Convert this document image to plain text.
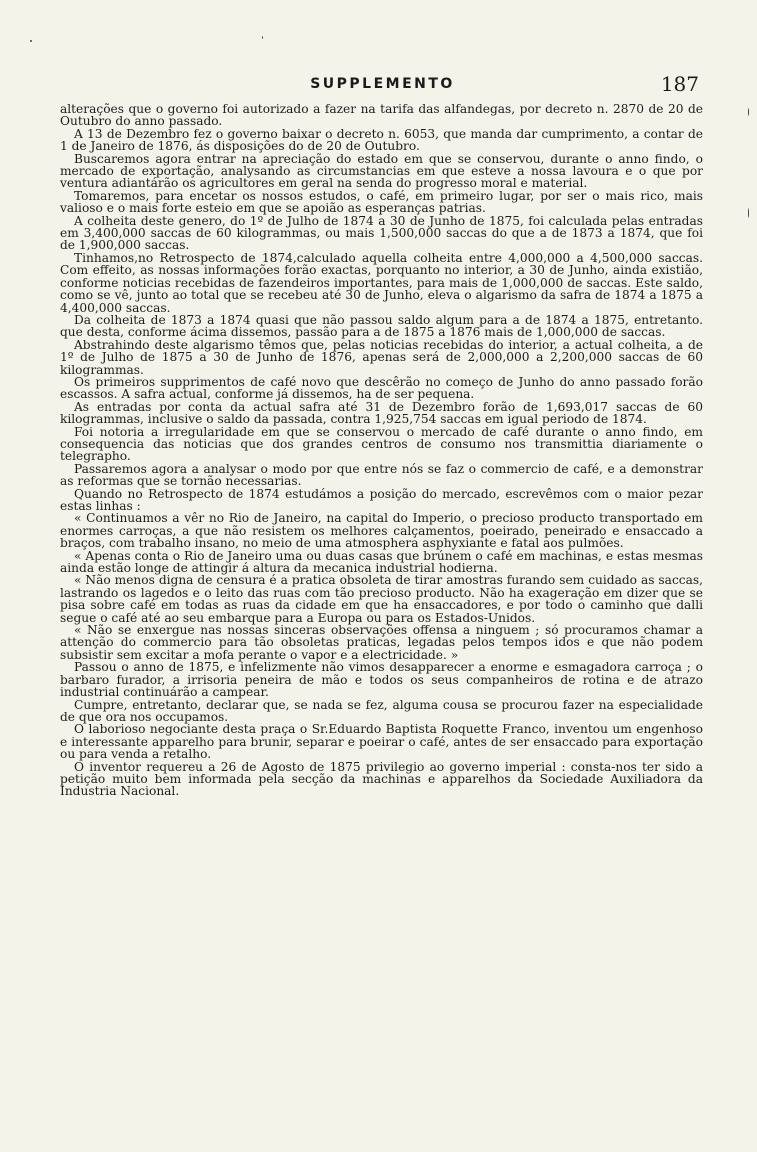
SUPPLEMENTO	187

alterações que o governo foi autorizado a fazer na tarifa das alfandegas, por decreto n. 2870 de 20 de Outubro do anno passado.

A 13 de Dezembro fez o governo baixar o decreto n. 6053, que manda dar cumprimento, a contar de 1 de Janeiro de 1876, ás disposições do de 20 de Outubro.

Buscaremos agora entrar na apreciação do estado em que se conservou, durante o anno findo, o mercado de exportação, analysando as circumstancias em que esteve a nossa lavoura e o que por ventura adiantárão os agricultores em geral na senda do progresso moral e material.

Tomaremos, para encetar os nossos estudos, o café, em primeiro lugar, por ser o mais rico, mais valioso e o mais forte esteio em que se apoião as esperanças patrias.

A colheita deste genero, do 1º de Julho de 1874 a 30 de Junho de 1875, foi calculada pelas entradas em 3,400,000 saccas de 60 kilogrammas, ou mais 1,500,000 saccas do que a de 1873 a 1874, que foi de 1,900,000 saccas.

Tinhamos,no Retrospecto de 1874,calculado aquella colheita entre 4,000,000 a 4,500,000 saccas. Com effeito, as nossas informações forão exactas, porquanto no interior, a 30 de Junho, ainda existião, conforme noticias recebidas de fazendeiros importantes, para mais de 1,000,000 de saccas. Este saldo, como se vê, junto ao total que se recebeu até 30 de Junho, eleva o algarismo da safra de 1874 a 1875 a 4,400,000 saccas.

Da colheita de 1873 a 1874 quasi que não passou saldo algum para a de 1874 a 1875, entretanto. que desta, conforme ácima dissemos, passão para a de 1875 a 1876 mais de 1,000,000 de saccas.

Abstrahindo deste algarismo têmos que, pelas noticias recebidas do interior, a actual colheita, a de 1º de Julho de 1875 a 30 de Junho de 1876, apenas será de 2,000,000 a 2,200,000 saccas de 60 kilogrammas.

Os primeiros supprimentos de café novo que descêrão no começo de Junho do anno passado forão escassos. A safra actual, conforme já dissemos, ha de ser pequena.

As entradas por conta da actual safra até 31 de Dezembro forão de 1,693,017 saccas de 60 kilogrammas, inclusive o saldo da passada, contra 1,925,754 saccas em igual periodo de 1874.

Foi notoria a irregularidade em que se conservou o mercado de café durante o anno findo, em consequencia das noticias que dos grandes centros de consumo nos transmittia diariamente o telegrapho.

Passaremos agora a analysar o modo por que entre nós se faz o commercio de café, e a demonstrar as reformas que se tornão necessarias.

Quando no Retrospecto de 1874 estudámos a posição do mercado, escrevêmos com o maior pezar estas linhas :

« Continuamos a vêr no Rio de Janeiro, na capital do Imperio, o precioso producto transportado em enormes carroças, a que não resistem os melhores calçamentos, poeirado, peneirado e ensaccado a braços, com trabalho insano, no meio de uma atmosphera asphyxiante e fatal aos pulmões.

« Apenas conta o Rio de Janeiro uma ou duas casas que brúnem o café em machinas, e estas mesmas ainda estão longe de attingir á altura da mecanica industrial hodierna.

« Não menos digna de censura é a pratica obsoleta de tirar amostras furando sem cuidado as saccas, lastrando os lagedos e o leito das ruas com tão precioso producto. Não ha exageração em dizer que se pisa sobre café em todas as ruas da cidade em que ha ensaccadores, e por todo o caminho que dalli segue o café até ao seu embarque para a Europa ou para os Estados-Unidos.

« Não se enxergue nas nossas sinceras observações offensa a ninguem ; só procuramos chamar a attenção do commercio para tão obsoletas praticas, legadas pelos tempos idos e que não podem subsistir sem excitar a mofa perante o vapor e a electricidade. »

Passou o anno de 1875, e infelizmente não vimos desapparecer a enorme e esmagadora carroça ; o barbaro furador, a irrisoria peneira de mão e todos os seus companheiros de rotina e de atrazo industrial continuárão a campear.

Cumpre, entretanto, declarar que, se nada se fez, alguma cousa se procurou fazer na especialidade de que ora nos occupamos.

O laborioso negociante desta praça o Sr.Eduardo Baptista Roquette Franco, inventou um engenhoso e interessante apparelho para brunir, separar e poeirar o café, antes de ser ensaccado para exportação ou para venda a retalho.

O inventor requereu a 26 de Agosto de 1875 privilegio ao governo imperial : consta-nos ter sido a petição muito bem informada pela secção da machinas e apparelhos da Sociedade Auxiliadora da Industria Nacional.
